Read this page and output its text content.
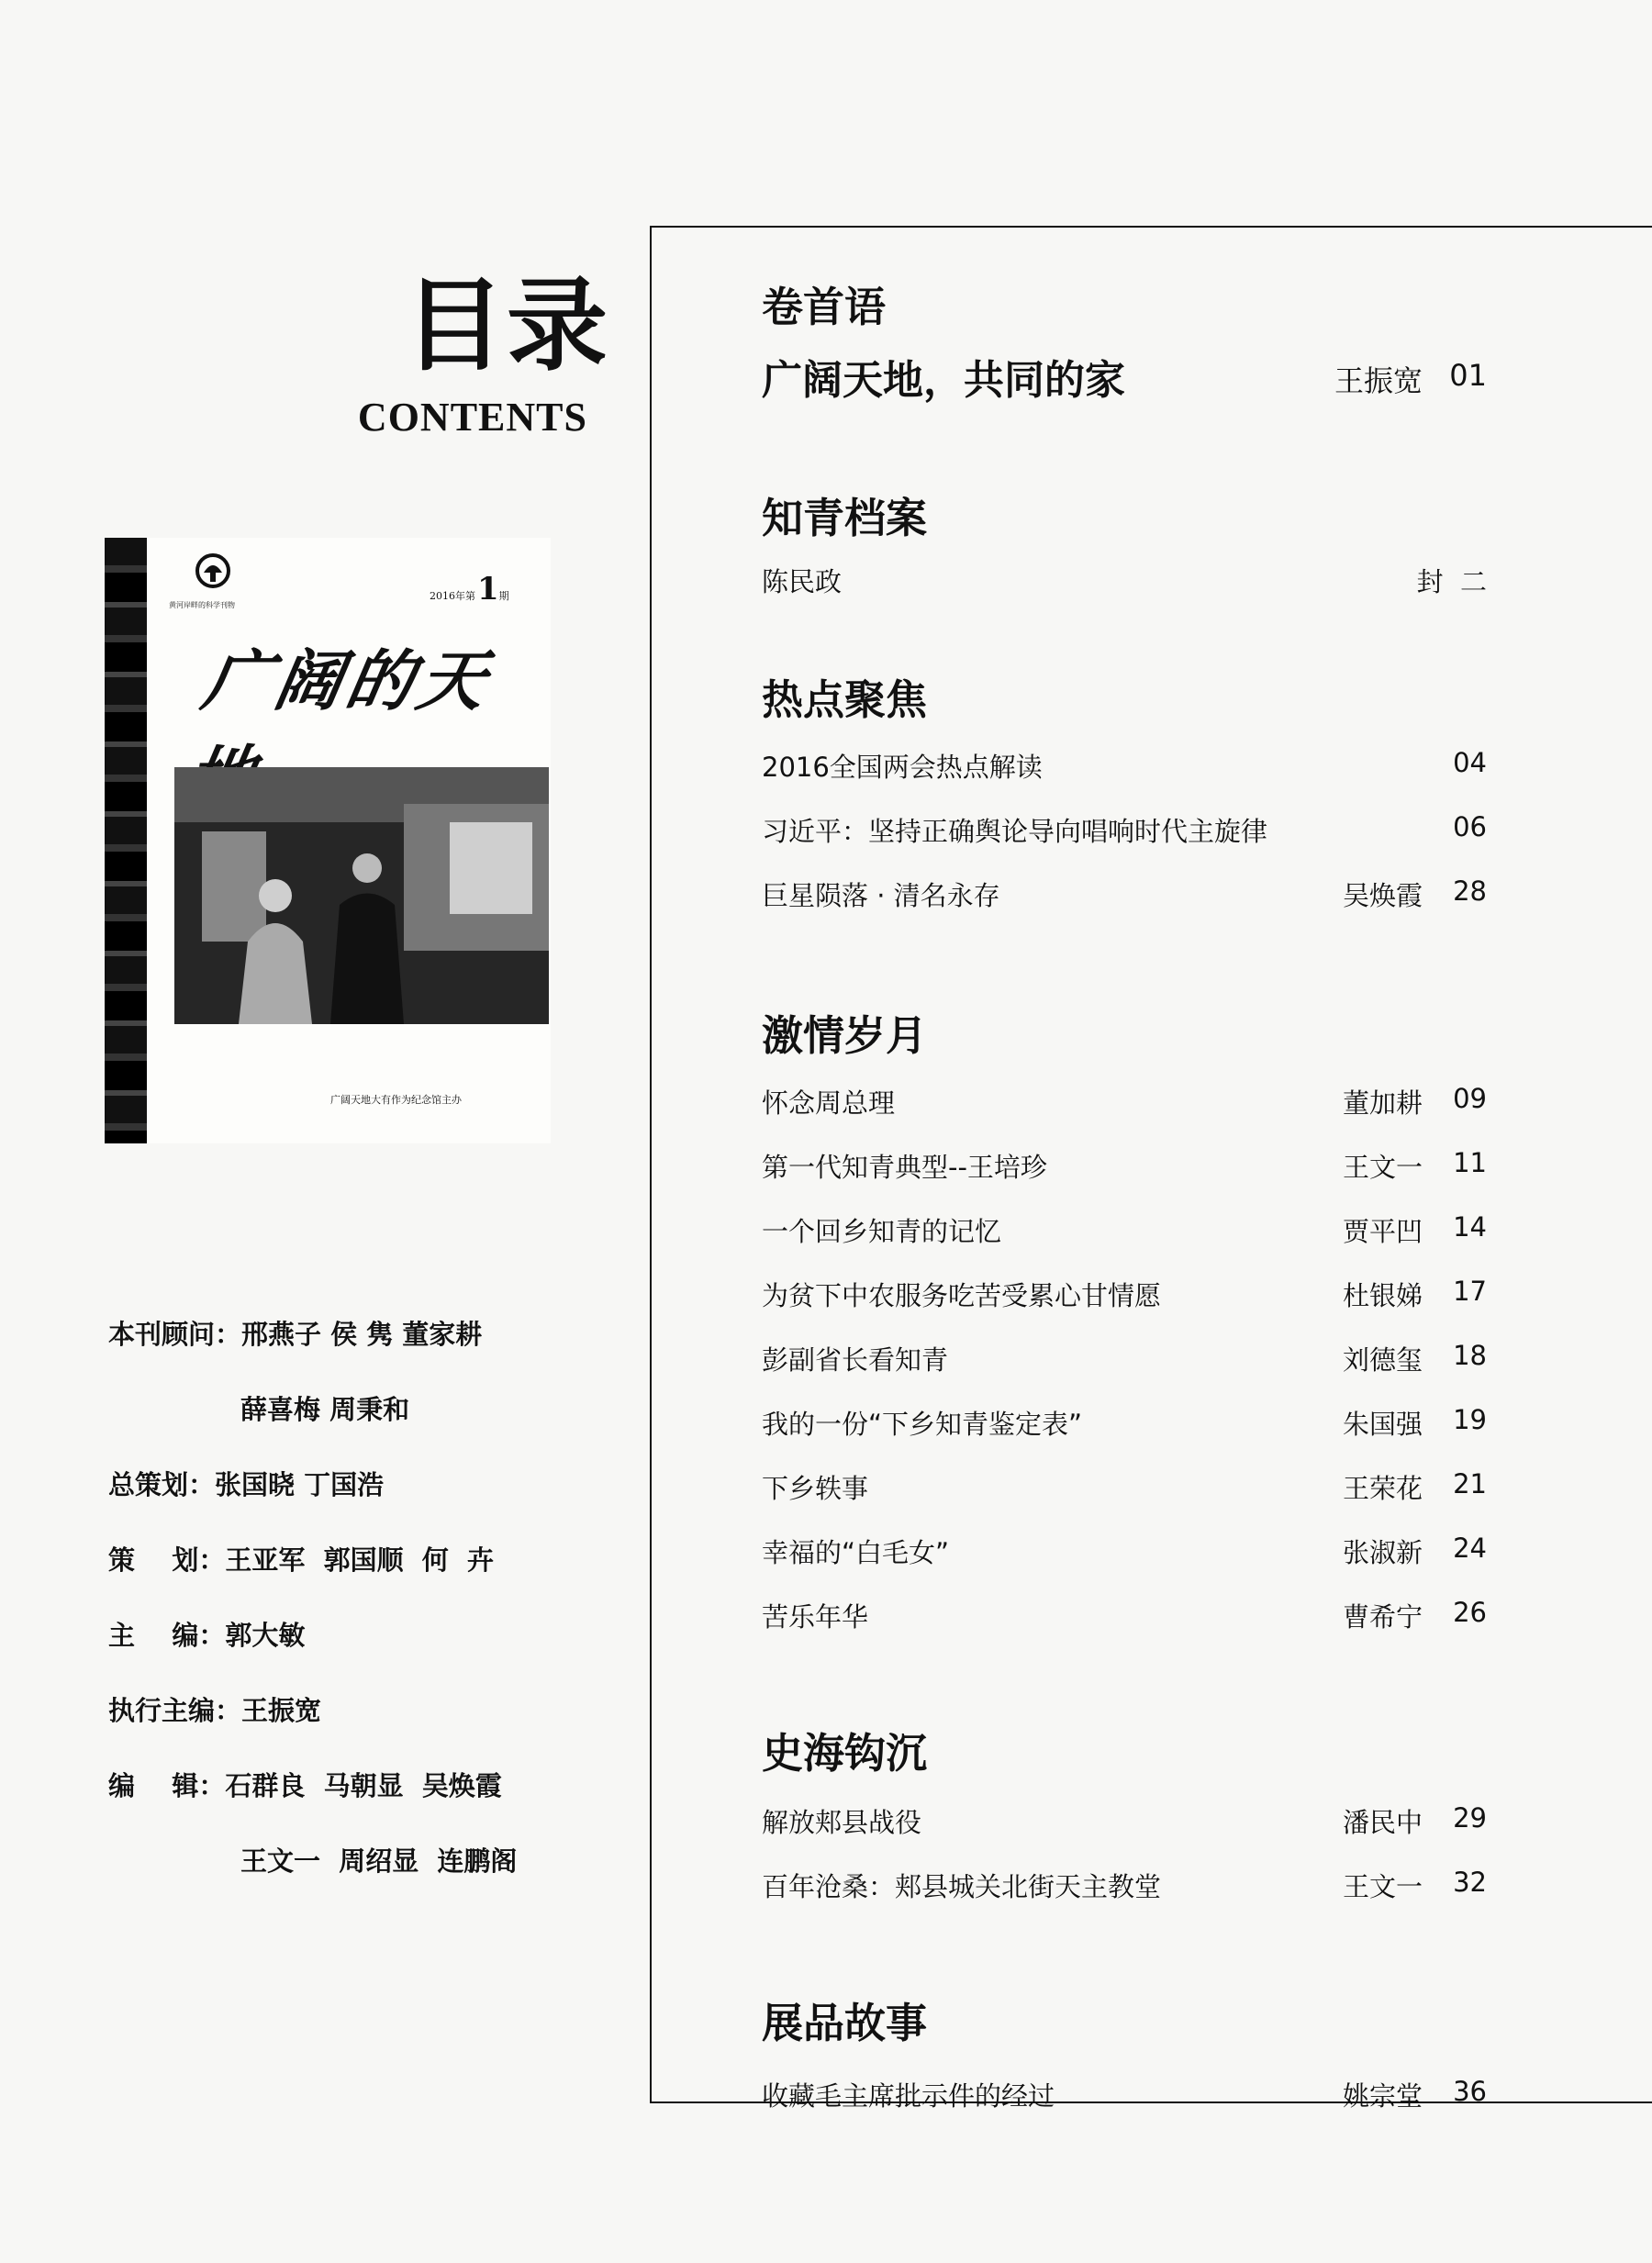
目录
CONTENTS
黄河岸畔的科学刊物
2016年第1期
广阔的天地
广阔天地大有作为纪念馆主办
本刊顾问：邢燕子 侯 隽 董家耕
薛喜梅 周秉和
总策划：张国晓 丁国浩
策    划：王亚军  郭国顺  何  卉
主    编：郭大敏
执行主编：王振宽
编    辑：石群良  马朝显  吴焕霞
王文一  周绍显  连鹏阁
卷首语
广阔天地，共同的家	王振宽 01
知青档案
陈民政	封  二
热点聚焦
2016全国两会热点解读	04
习近平：坚持正确舆论导向唱响时代主旋律	06
巨星陨落 · 清名永存	吴焕霞 28
激情岁月
怀念周总理	董加耕 09
第一代知青典型--王培珍	王文一 11
一个回乡知青的记忆	贾平凹 14
为贫下中农服务吃苦受累心甘情愿	杜银娣 17
彭副省长看知青	刘德玺 18
我的一份“下乡知青鉴定表”	朱国强 19
下乡轶事	王荣花 21
幸福的“白毛女”	张淑新 24
苦乐年华	曹希宁 26
史海钩沉
解放郏县战役	潘民中 29
百年沧桑：郏县城关北街天主教堂	王文一 32
展品故事
收藏毛主席批示件的经过	姚宗堂 36
